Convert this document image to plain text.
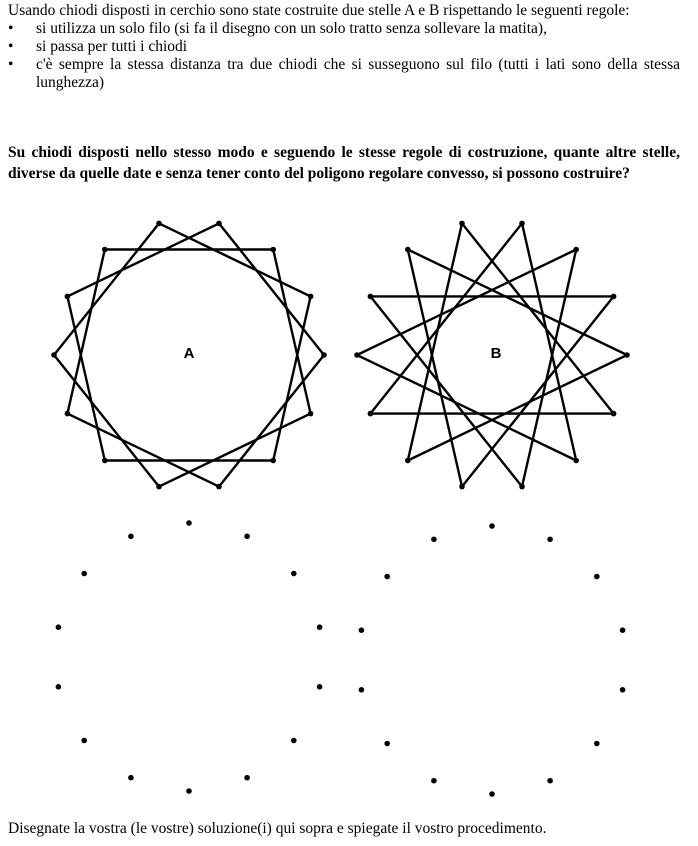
Usando chiodi disposti in cerchio sono state costruite due stelle A e B rispettando le seguenti regole:

• si utilizza un solo filo (si fa il disegno con un solo tratto senza sollevare la matita),
• si passa per tutti i chiodi
• c'è sempre la stessa distanza tra due chiodi che si susseguono sul filo (tutti i lati sono della stessa lunghezza)

Su chiodi disposti nello stesso modo e seguendo le stesse regole di costruzione, quante altre stelle, diverse da quelle date e senza tener conto del poligono regolare convesso, si possono costruire?

A	B

Disegnate la vostra (le vostre) soluzione(i) qui sopra e spiegate il vostro procedimento.
